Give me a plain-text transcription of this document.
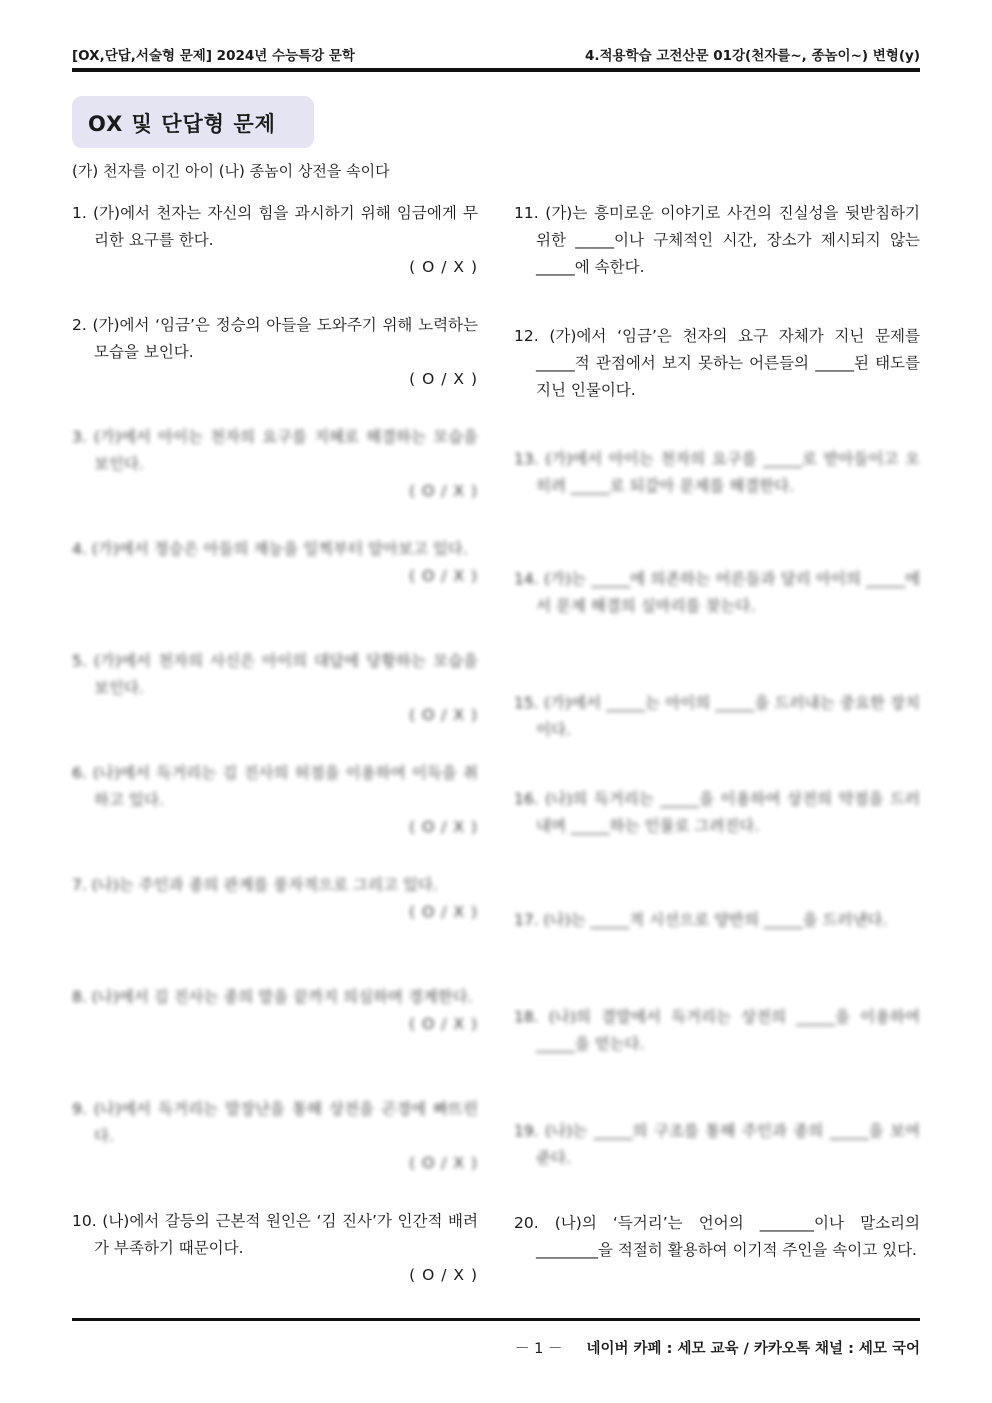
[OX,단답,서술형 문제] 2024년 수능특강 문학	4.적용학습 고전산문 01강(천자를~, 종놈이~) 변형(y)
OX 및 단답형 문제
(가) 천자를 이긴 아이 (나) 종놈이 상전을 속이다
1. (가)에서 천자는 자신의 힘을 과시하기 위해 임금에게 무리한 요구를 한다.
( O / X )
2. (가)에서 ‘임금’은 정승의 아들을 도와주기 위해 노력하는 모습을 보인다.
( O / X )
3. (가)에서 아이는 천자의 요구를 지혜로 해결하는 모습을 보인다.
( O / X )
4. (가)에서 정승은 아들의 재능을 일찍부터 알아보고 있다.
( O / X )
5. (가)에서 천자의 사신은 아이의 대답에 당황하는 모습을 보인다.
( O / X )
6. (나)에서 득거리는 김 진사의 허점을 이용하여 이득을 취하고 있다.
( O / X )
7. (나)는 주인과 종의 관계를 풍자적으로 그리고 있다.
( O / X )
8. (나)에서 김 진사는 종의 말을 끝까지 의심하며 경계한다.
( O / X )
9. (나)에서 득거리는 말장난을 통해 상전을 곤경에 빠뜨린다.
( O / X )
10. (나)에서 갈등의 근본적 원인은 ‘김 진사’가 인간적 배려가 부족하기 때문이다.
( O / X )
11. (가)는 흥미로운 이야기로 사건의 진실성을 뒷받침하기 위한 _____이나 구체적인 시간, 장소가 제시되지 않는 _____에 속한다.
12. (가)에서 ‘임금’은 천자의 요구 자체가 지닌 문제를 _____적 관점에서 보지 못하는 어른들의 _____된 태도를 지닌 인물이다.
13. (가)에서 아이는 천자의 요구를 _____로 받아들이고 오히려 _____로 되갚아 문제를 해결한다.
14. (가)는 _____에 의존하는 어른들과 달리 아이의 _____에서 문제 해결의 실마리를 찾는다.
15. (가)에서 _____는 아이의 _____을 드러내는 중요한 장치이다.
16. (나)의 득거리는 _____을 이용하여 상전의 약점을 드러내며 _____하는 인물로 그려진다.
17. (나)는 _____적 시선으로 양반의 _____을 드러낸다.
18. (나)의 결말에서 득거리는 상전의 _____을 이용하여 _____을 얻는다.
19. (나)는 _____의 구조를 통해 주인과 종의 _____을 보여 준다.
20. (나)의 ‘득거리’는 언어의 _______이나 말소리의 ________을 적절히 활용하여 이기적 주인을 속이고 있다.
－ 1 － 네이버 카페 : 세모 교육 / 카카오톡 채널 : 세모 국어
